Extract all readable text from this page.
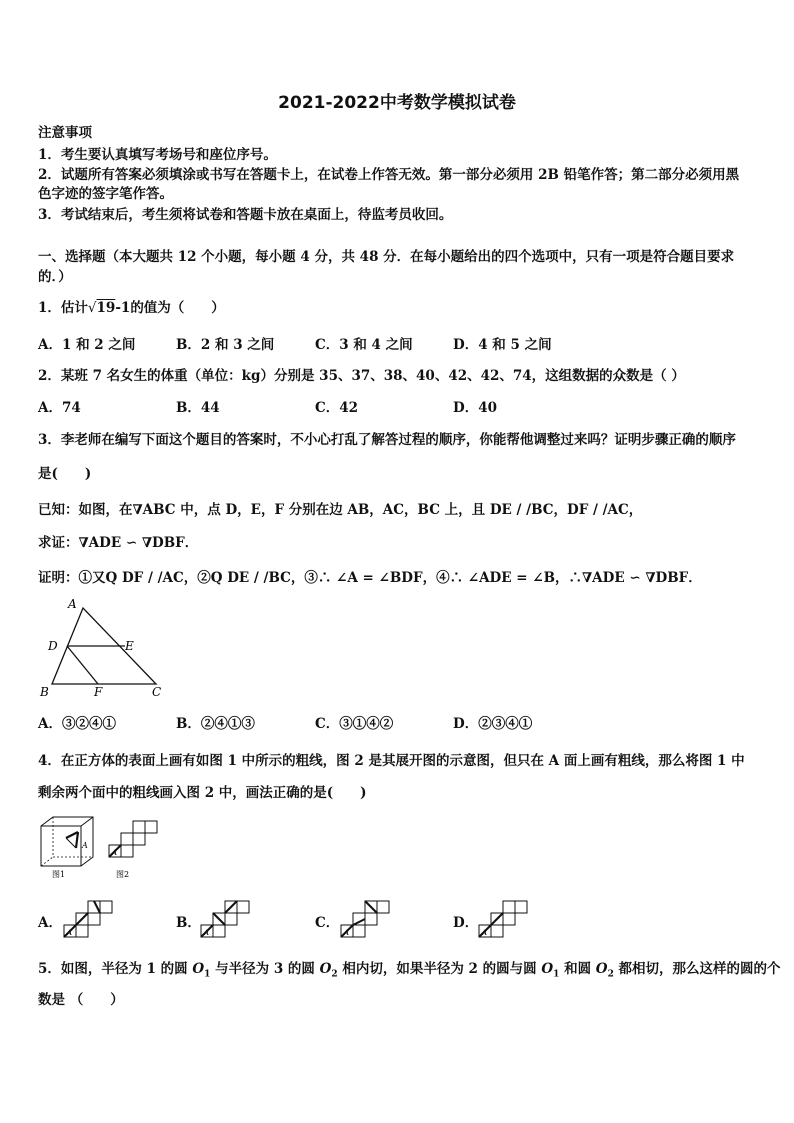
2021-2022中考数学模拟试卷
注意事项
1．考生要认真填写考场号和座位序号。
2．试题所有答案必须填涂或书写在答题卡上，在试卷上作答无效。第一部分必须用 2B 铅笔作答；第二部分必须用黑
色字迹的签字笔作答。
3．考试结束后，考生须将试卷和答题卡放在桌面上，待监考员收回。
一、选择题（本大题共 12 个小题，每小题 4 分，共 48 分．在每小题给出的四个选项中，只有一项是符合题目要求
的．）
1．估计√19-1的值为（　　）
A．1 和 2 之间	B．2 和 3 之间	C．3 和 4 之间	D．4 和 5 之间
2．某班 7 名女生的体重（单位：kg）分别是 35、37、38、40、42、42、74，这组数据的众数是（ ）
A．74	B．44	C．42	D．40
3．李老师在编写下面这个题目的答案时，不小心打乱了解答过程的顺序，你能帮他调整过来吗？证明步骤正确的顺序
是(　　)
已知：如图，在∇ABC 中，点 D，E，F 分别在边 AB，AC，BC 上，且 DE / /BC，DF / /AC，
求证：∇ADE ∽ ∇DBF．
证明：①又Q DF / /AC，②Q DE / /BC，③∴ ∠A = ∠BDF，④∴ ∠ADE = ∠B，∴∇ADE ∽ ∇DBF．
A
D	E
B	F	C
A．③②④①	B．②④①③	C．③①④②	D．②③④①
4．在正方体的表面上画有如图 1 中所示的粗线，图 2 是其展开图的示意图，但只在 A 面上画有粗线，那么将图 1 中
剩余两个面中的粗线画入图 2 中，画法正确的是(　　)
A
图1
A
图2
A．
A
B．
A
C．
A
D．
A
5．如图，半径为 1 的圆 $O_1$ 与半径为 3 的圆 $O_2$ 相内切，如果半径为 2 的圆与圆 $O_1$ 和圆 $O_2$ 都相切，那么这样的圆的个
数是 （　　）
